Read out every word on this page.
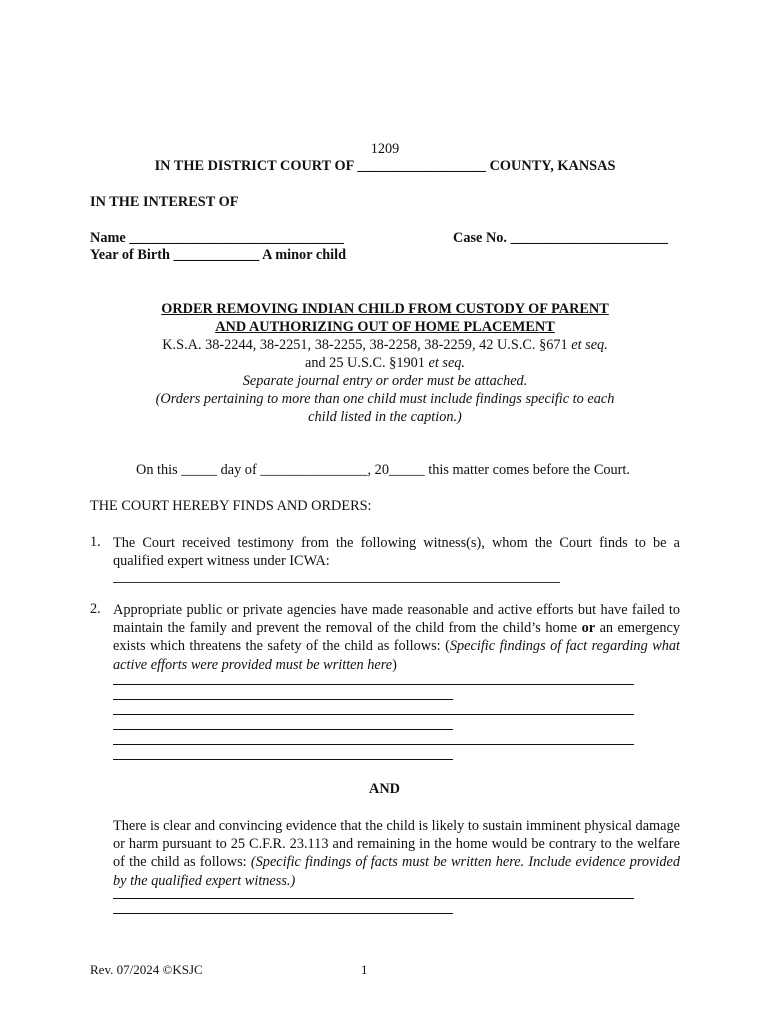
1209
IN THE DISTRICT COURT OF __________________ COUNTY, KANSAS
IN THE INTEREST OF
Name ______________________________	Case No. ______________________
Year of Birth ____________ A minor child
ORDER REMOVING INDIAN CHILD FROM CUSTODY OF PARENT
AND AUTHORIZING OUT OF HOME PLACEMENT
K.S.A. 38-2244, 38-2251, 38-2255, 38-2258, 38-2259, 42 U.S.C. §671 et seq.
and 25 U.S.C. §1901 et seq.
Separate journal entry or order must be attached.
(Orders pertaining to more than one child must include findings specific to each
child listed in the caption.)
On this _____ day of _______________, 20_____ this matter comes before the Court.
THE COURT HEREBY FINDS AND ORDERS:
1. The Court received testimony from the following witness(s), whom the Court finds to be a qualified expert witness under ICWA:
2. Appropriate public or private agencies have made reasonable and active efforts but have failed to maintain the family and prevent the removal of the child from the child’s home or an emergency exists which threatens the safety of the child as follows: (Specific findings of fact regarding what active efforts were provided must be written here)
AND
There is clear and convincing evidence that the child is likely to sustain imminent physical damage or harm pursuant to 25 C.F.R. 23.113 and remaining in the home would be contrary to the welfare of the child as follows: (Specific findings of facts must be written here. Include evidence provided by the qualified expert witness.)
Rev. 07/2024 ©KSJC	1
